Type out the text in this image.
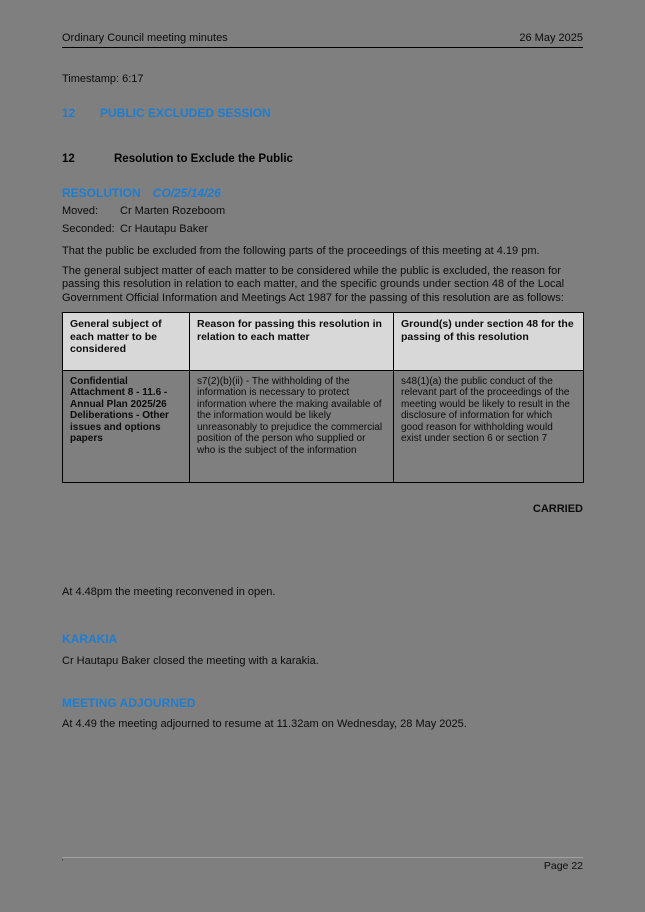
Ordinary Council meeting minutes	26 May 2025
Timestamp: 6:17
12	PUBLIC EXCLUDED SESSION
12	Resolution to Exclude the Public
RESOLUTION CO/25/14/26
Moved:	Cr Marten Rozeboom
Seconded: Cr Hautapu Baker
That the public be excluded from the following parts of the proceedings of this meeting at 4.19 pm.
The general subject matter of each matter to be considered while the public is excluded, the reason for passing this resolution in relation to each matter, and the specific grounds under section 48 of the Local Government Official Information and Meetings Act 1987 for the passing of this resolution are as follows:
General subject of each matter to be considered	Reason for passing this resolution in relation to each matter	Ground(s) under section 48 for the passing of this resolution
Confidential Attachment 8 - 11.6 - Annual Plan 2025/26 Deliberations - Other issues and options papers	s7(2)(b)(ii) - The withholding of the information is necessary to protect information where the making available of the information would be likely unreasonably to prejudice the commercial position of the person who supplied or who is the subject of the information	s48(1)(a) the public conduct of the relevant part of the proceedings of the meeting would be likely to result in the disclosure of information for which good reason for withholding would exist under section 6 or section 7
CARRIED
At 4.48pm the meeting reconvened in open.
KARAKIA
Cr Hautapu Baker closed the meeting with a karakia.
MEETING ADJOURNED
At 4.49 the meeting adjourned to resume at 11.32am on Wednesday, 28 May 2025.
'	Page 22
